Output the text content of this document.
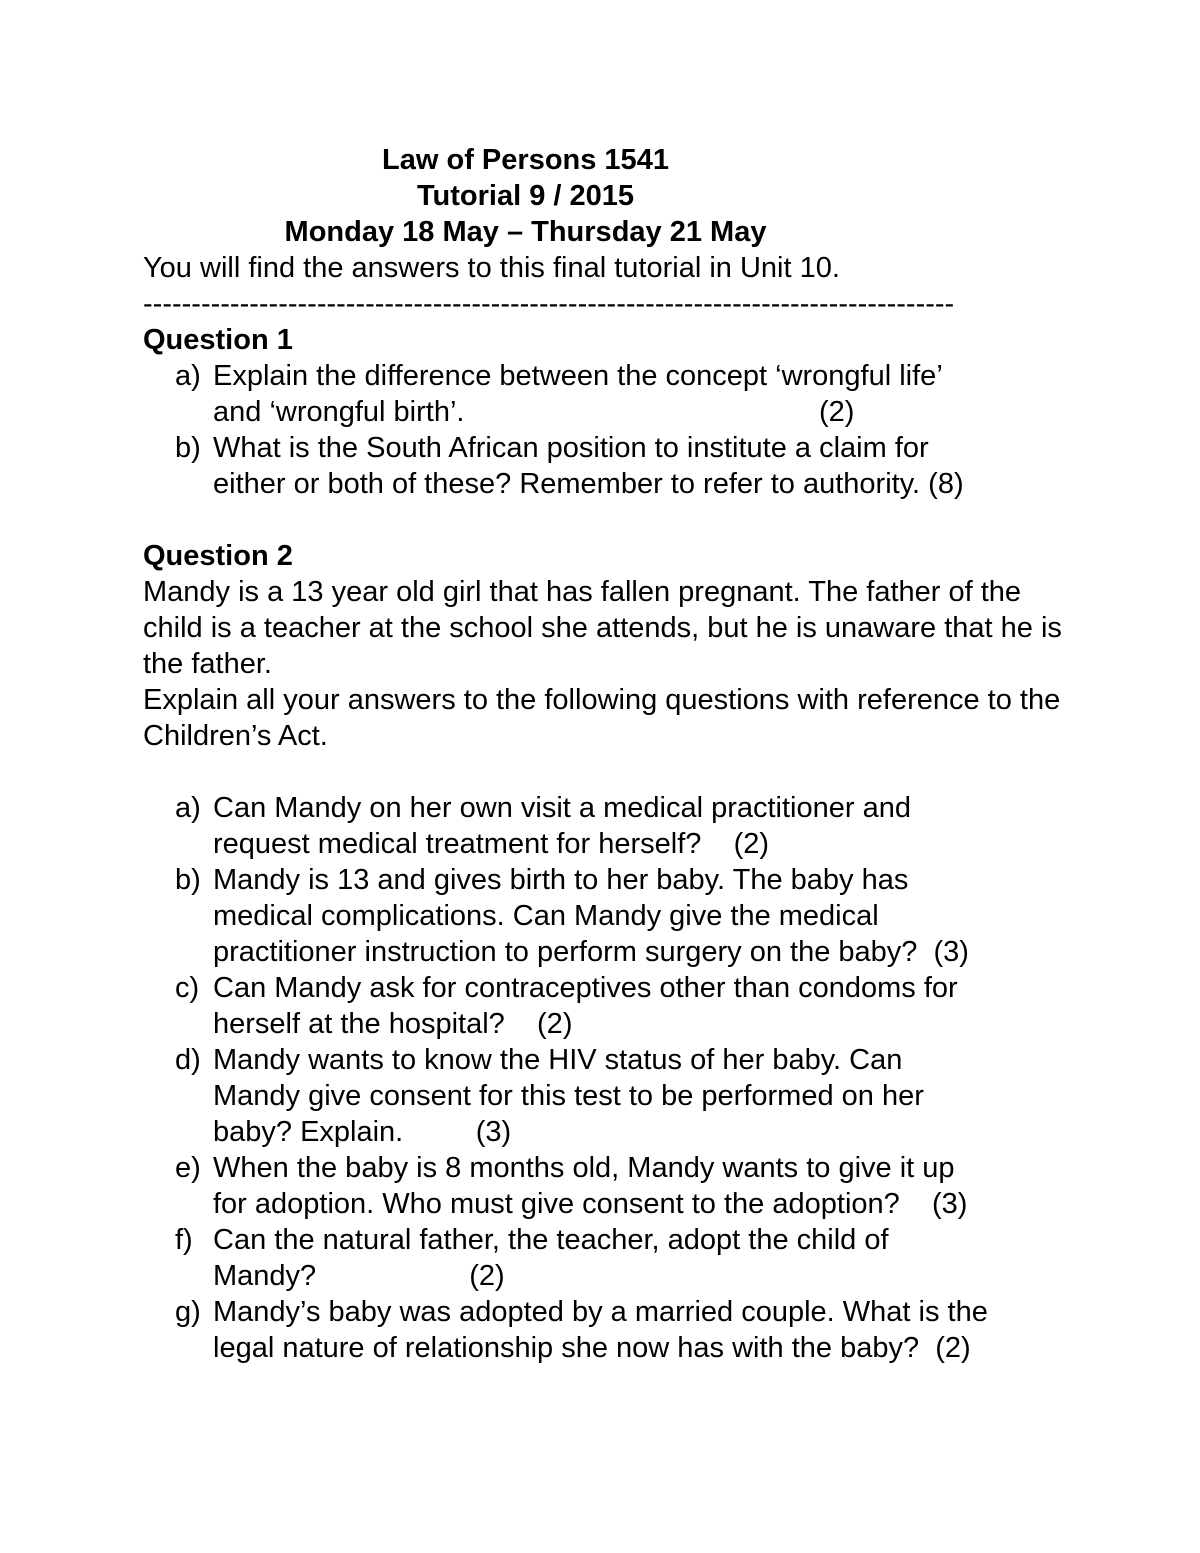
Law of Persons 1541
Tutorial 9 / 2015
Monday 18 May – Thursday 21 May
You will find the answers to this final tutorial in Unit 10.
------------------------------------------------------------------------------------
Question 1
a) Explain the difference between the concept ‘wrongful life’
and ‘wrongful birth’.                                            (2)
b) What is the South African position to institute a claim for
either or both of these? Remember to refer to authority. (8)
Question 2
Mandy is a 13 year old girl that has fallen pregnant. The father of the child is a teacher at the school she attends, but he is unaware that he is the father.
Explain all your answers to the following questions with reference to the Children’s Act.
a) Can Mandy on her own visit a medical practitioner and
request medical treatment for herself?    (2)
b) Mandy is 13 and gives birth to her baby. The baby has
medical complications. Can Mandy give the medical
practitioner instruction to perform surgery on the baby?  (3)
c) Can Mandy ask for contraceptives other than condoms for
herself at the hospital?    (2)
d) Mandy wants to know the HIV status of her baby. Can
Mandy give consent for this test to be performed on her
baby? Explain.         (3)
e) When the baby is 8 months old, Mandy wants to give it up
for adoption. Who must give consent to the adoption?    (3)
f) Can the natural father, the teacher, adopt the child of
Mandy?                   (2)
g) Mandy’s baby was adopted by a married couple. What is the
legal nature of relationship she now has with the baby?  (2)
